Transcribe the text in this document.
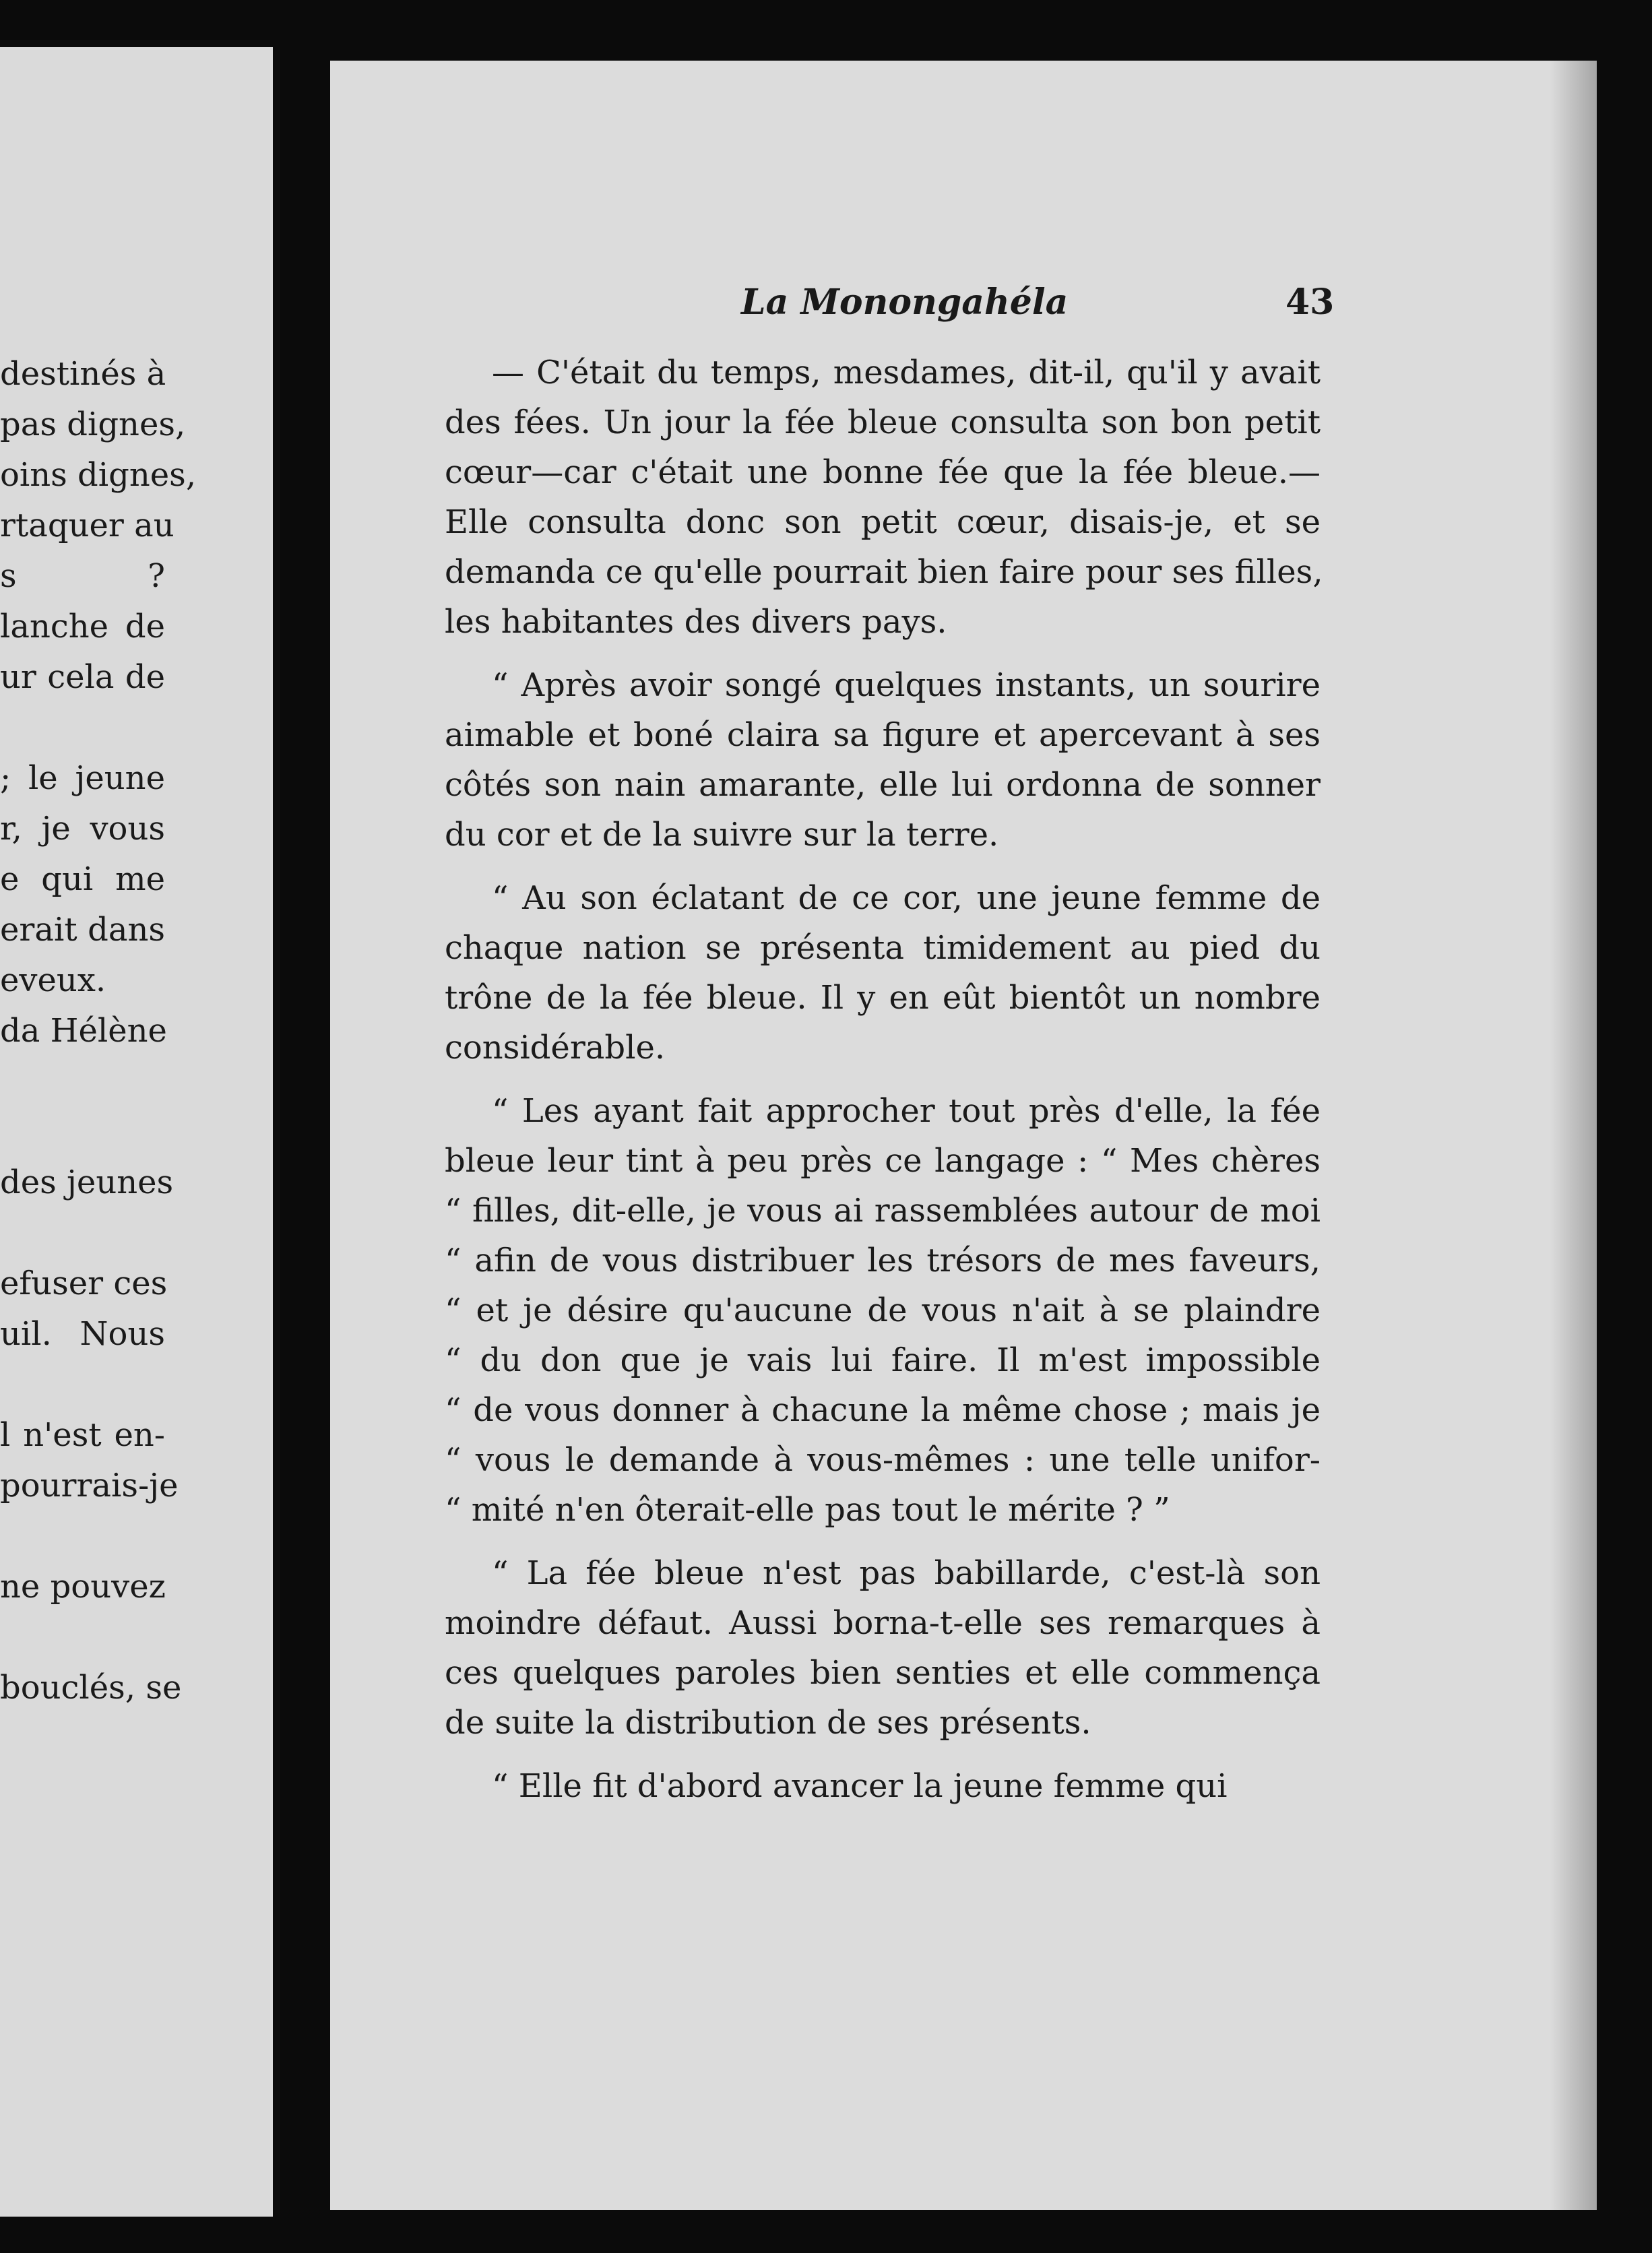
destinés à
pas dignes,
oins dignes,
rtaquer au
s ?
lanche de
ur cela de
; le jeune
r, je vous
e qui me
erait dans
eveux.
da Hélène
des jeunes
efuser ces
uil. Nous
l n'est en-
pourrais-je
ne pouvez
bouclés, se
La Monongahéla	43
— C'était du temps, mesdames, dit-il, qu'il y avait
des fées. Un jour la fée bleue consulta son bon petit
cœur—car c'était une bonne fée que la fée bleue.—
Elle consulta donc son petit cœur, disais-je, et se
demanda ce qu'elle pourrait bien faire pour ses filles,
les habitantes des divers pays.
“ Après avoir songé quelques instants, un sourire
aimable et boné claira sa figure et apercevant à ses
côtés son nain amarante, elle lui ordonna de sonner
du cor et de la suivre sur la terre.
“ Au son éclatant de ce cor, une jeune femme de
chaque nation se présenta timidement au pied du
trône de la fée bleue. Il y en eût bientôt un nombre
considérable.
“ Les ayant fait approcher tout près d'elle, la fée
bleue leur tint à peu près ce langage : “ Mes chères
“ filles, dit-elle, je vous ai rassemblées autour de moi
“ afin de vous distribuer les trésors de mes faveurs,
“ et je désire qu'aucune de vous n'ait à se plaindre
“ du don que je vais lui faire. Il m'est impossible
“ de vous donner à chacune la même chose ; mais je
“ vous le demande à vous-mêmes : une telle unifor-
“ mité n'en ôterait-elle pas tout le mérite ? ”
“ La fée bleue n'est pas babillarde, c'est-là son
moindre défaut. Aussi borna-t-elle ses remarques à
ces quelques paroles bien senties et elle commença
de suite la distribution de ses présents.
“ Elle fit d'abord avancer la jeune femme qui
